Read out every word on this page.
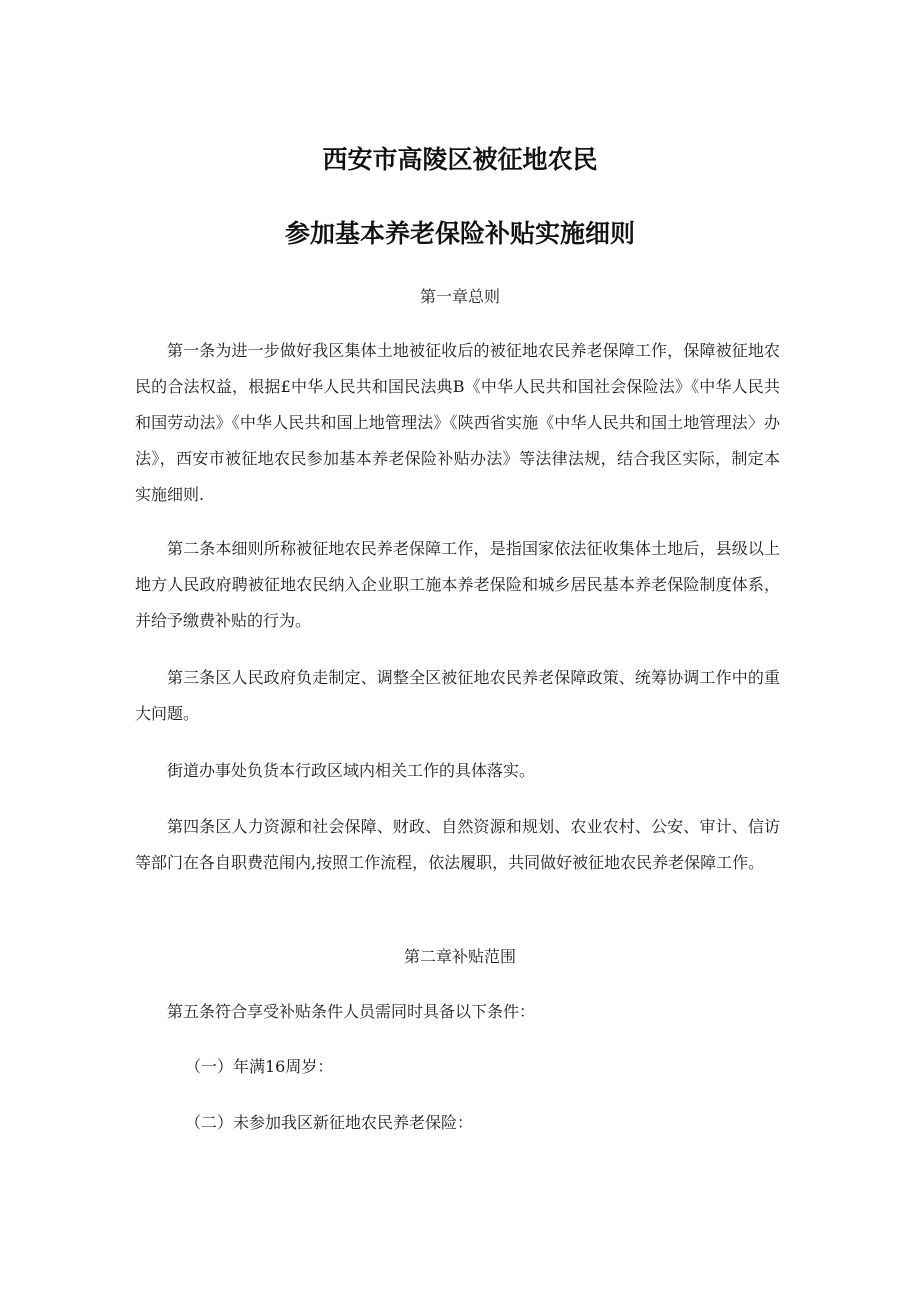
西安市高陵区被征地农民
参加基本养老保险补贴实施细则
第一章总则

第一条为进一步做好我区集体土地被征收后的被征地农民养老保障工作，保障被征地农民的合法权益，根据£中华人民共和国民法典B《中华人民共和国社会保险法》《中华人民共和国劳动法》《中华人民共和国上地管理法》《陕西省实施《中华人民共和国土地管理法〉办法》，西安市被征地农民参加基本养老保险补贴办法》等法律法规，结合我区实际，制定本实施细则.

第二条本细则所称被征地农民养老保障工作，是指国家依法征收集体土地后，县级以上地方人民政府聘被征地农民纳入企业职工施本养老保险和城乡居民基本养老保险制度体系，并给予缴费补贴的行为。

第三条区人民政府负走制定、调整全区被征地农民养老保障政策、统筹协调工作中的重大问题。

街道办事处负货本行政区域内相关工作的具体落实。

第四条区人力资源和社会保障、财政、自然资源和规划、农业农村、公安、审计、信访等部门在各自职费范闱内,按照工作流程，依法履职，共同做好被征地农民养老保障工作。

第二章补贴范围

第五条符合享受补贴条件人员需同时具备以下条件：

（一）年满16周岁：
（二）未参加我区新征地农民养老保险：
